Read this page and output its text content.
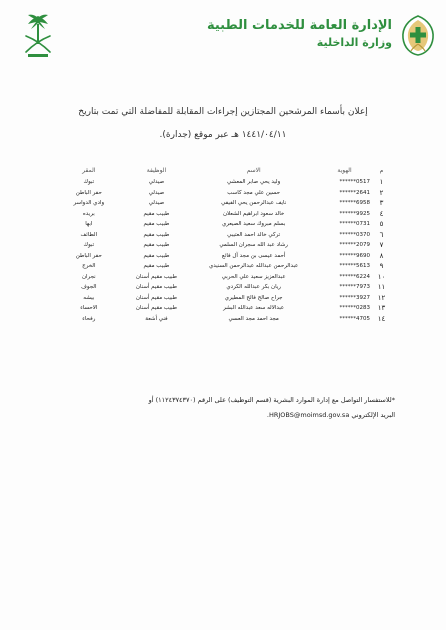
الإدارة العامة للخدمات الطبية
وزارة الداخلية
إعلان بأسماء المرشحين المجتازين إجراءات المقابلة للمفاضلة التي تمت بتاريخ
١٤٤١/٠٤/١١ هـ عبر موقع (جدارة).
م	الهوية	الاسم	الوظيفة	المقر
١	******0517	وليد يحي صابر المعشي	صيدلي	تبوك
٢	******2641	حسين علي مجد كاسب	صيدلي	حفر الباطن
٣	******6958	نايف عبدالرحمن يحي الفيفي	صيدلي	وادي الدواسر
٤	******9925	خالد سعود ابراهيم الشعلان	طبيب مقيم	بريده
٥	******0731	بسلم مبروك سعيد الصيعري	طبيب مقيم	ابها
٦	******0370	تركي خالد احمد العتيبي	طبيب مقيم	الطائف
٧	******2079	رشاد عبد الله سجران السلمي	طبيب مقيم	تبوك
٨	******9690	أحمد عيسى بن مجد آل فائع	طبيب مقيم	حفر الباطن
٩	******5613	عبدالرحمن عبدالله عبدالرحمن السنيدي	طبيب مقيم	الخرج
١٠	******6224	عبدالعزيز سعيد علي الحربي	طبيب مقيم أسنان	نجران
١١	******7973	ريان بكر عبدالله الكردي	طبيب مقيم أسنان	الجوف
١٢	******3927	جراح صالح فالح المطيري	طبيب مقيم أسنان	بيشه
١٣	******0283	عبدالاله سعد عبدالله البشر	طبيب مقيم أسنان	الاحساء
١٤	******4705	مجد احمد مجد العسي	فني أشعة	رفحاء
*للاستفسار التواصل مع إدارة الموارد البشرية (قسم التوظيف) على الرقم (١١٢٤٣٧٤٣٧٠) أو
البريد الإلكتروني HRJOBS@moimsd.gov.sa.
